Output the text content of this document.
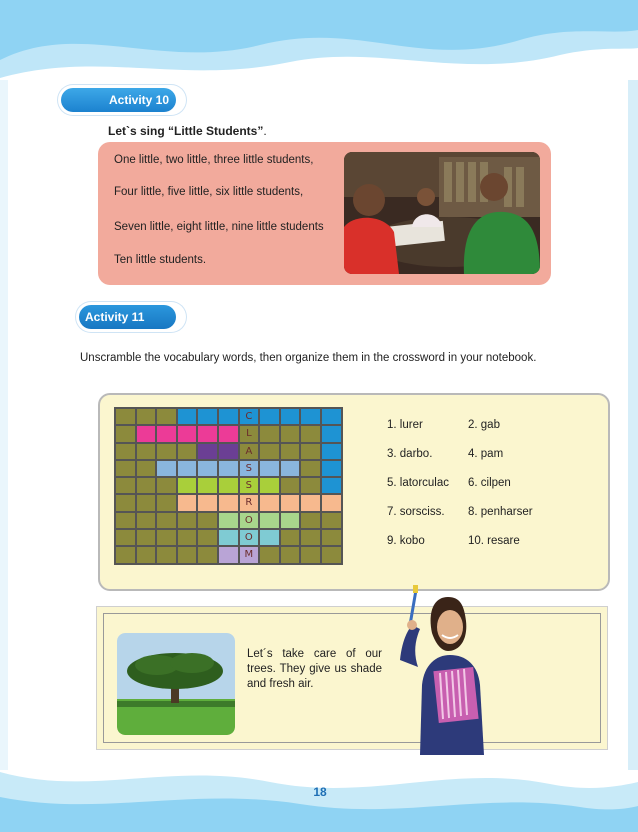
Activity 10
Let`s sing “Little Students”.
One little, two little, three little students,
Four little, five little, six little students,
Seven little, eight little, nine little students
Ten little students.
Activity 11
Unscramble the vocabulary words, then organize them in the crossword in your notebook.
C
L
A
S
S
R
O
O
M
1. lurer
3. darbo.
5. latorculac
7. sorsciss.
9. kobo
2. gab
4. pam
6. cilpen
8. penharser
10. resare
Let´s take care of our trees. They give us shade and fresh air.
18
